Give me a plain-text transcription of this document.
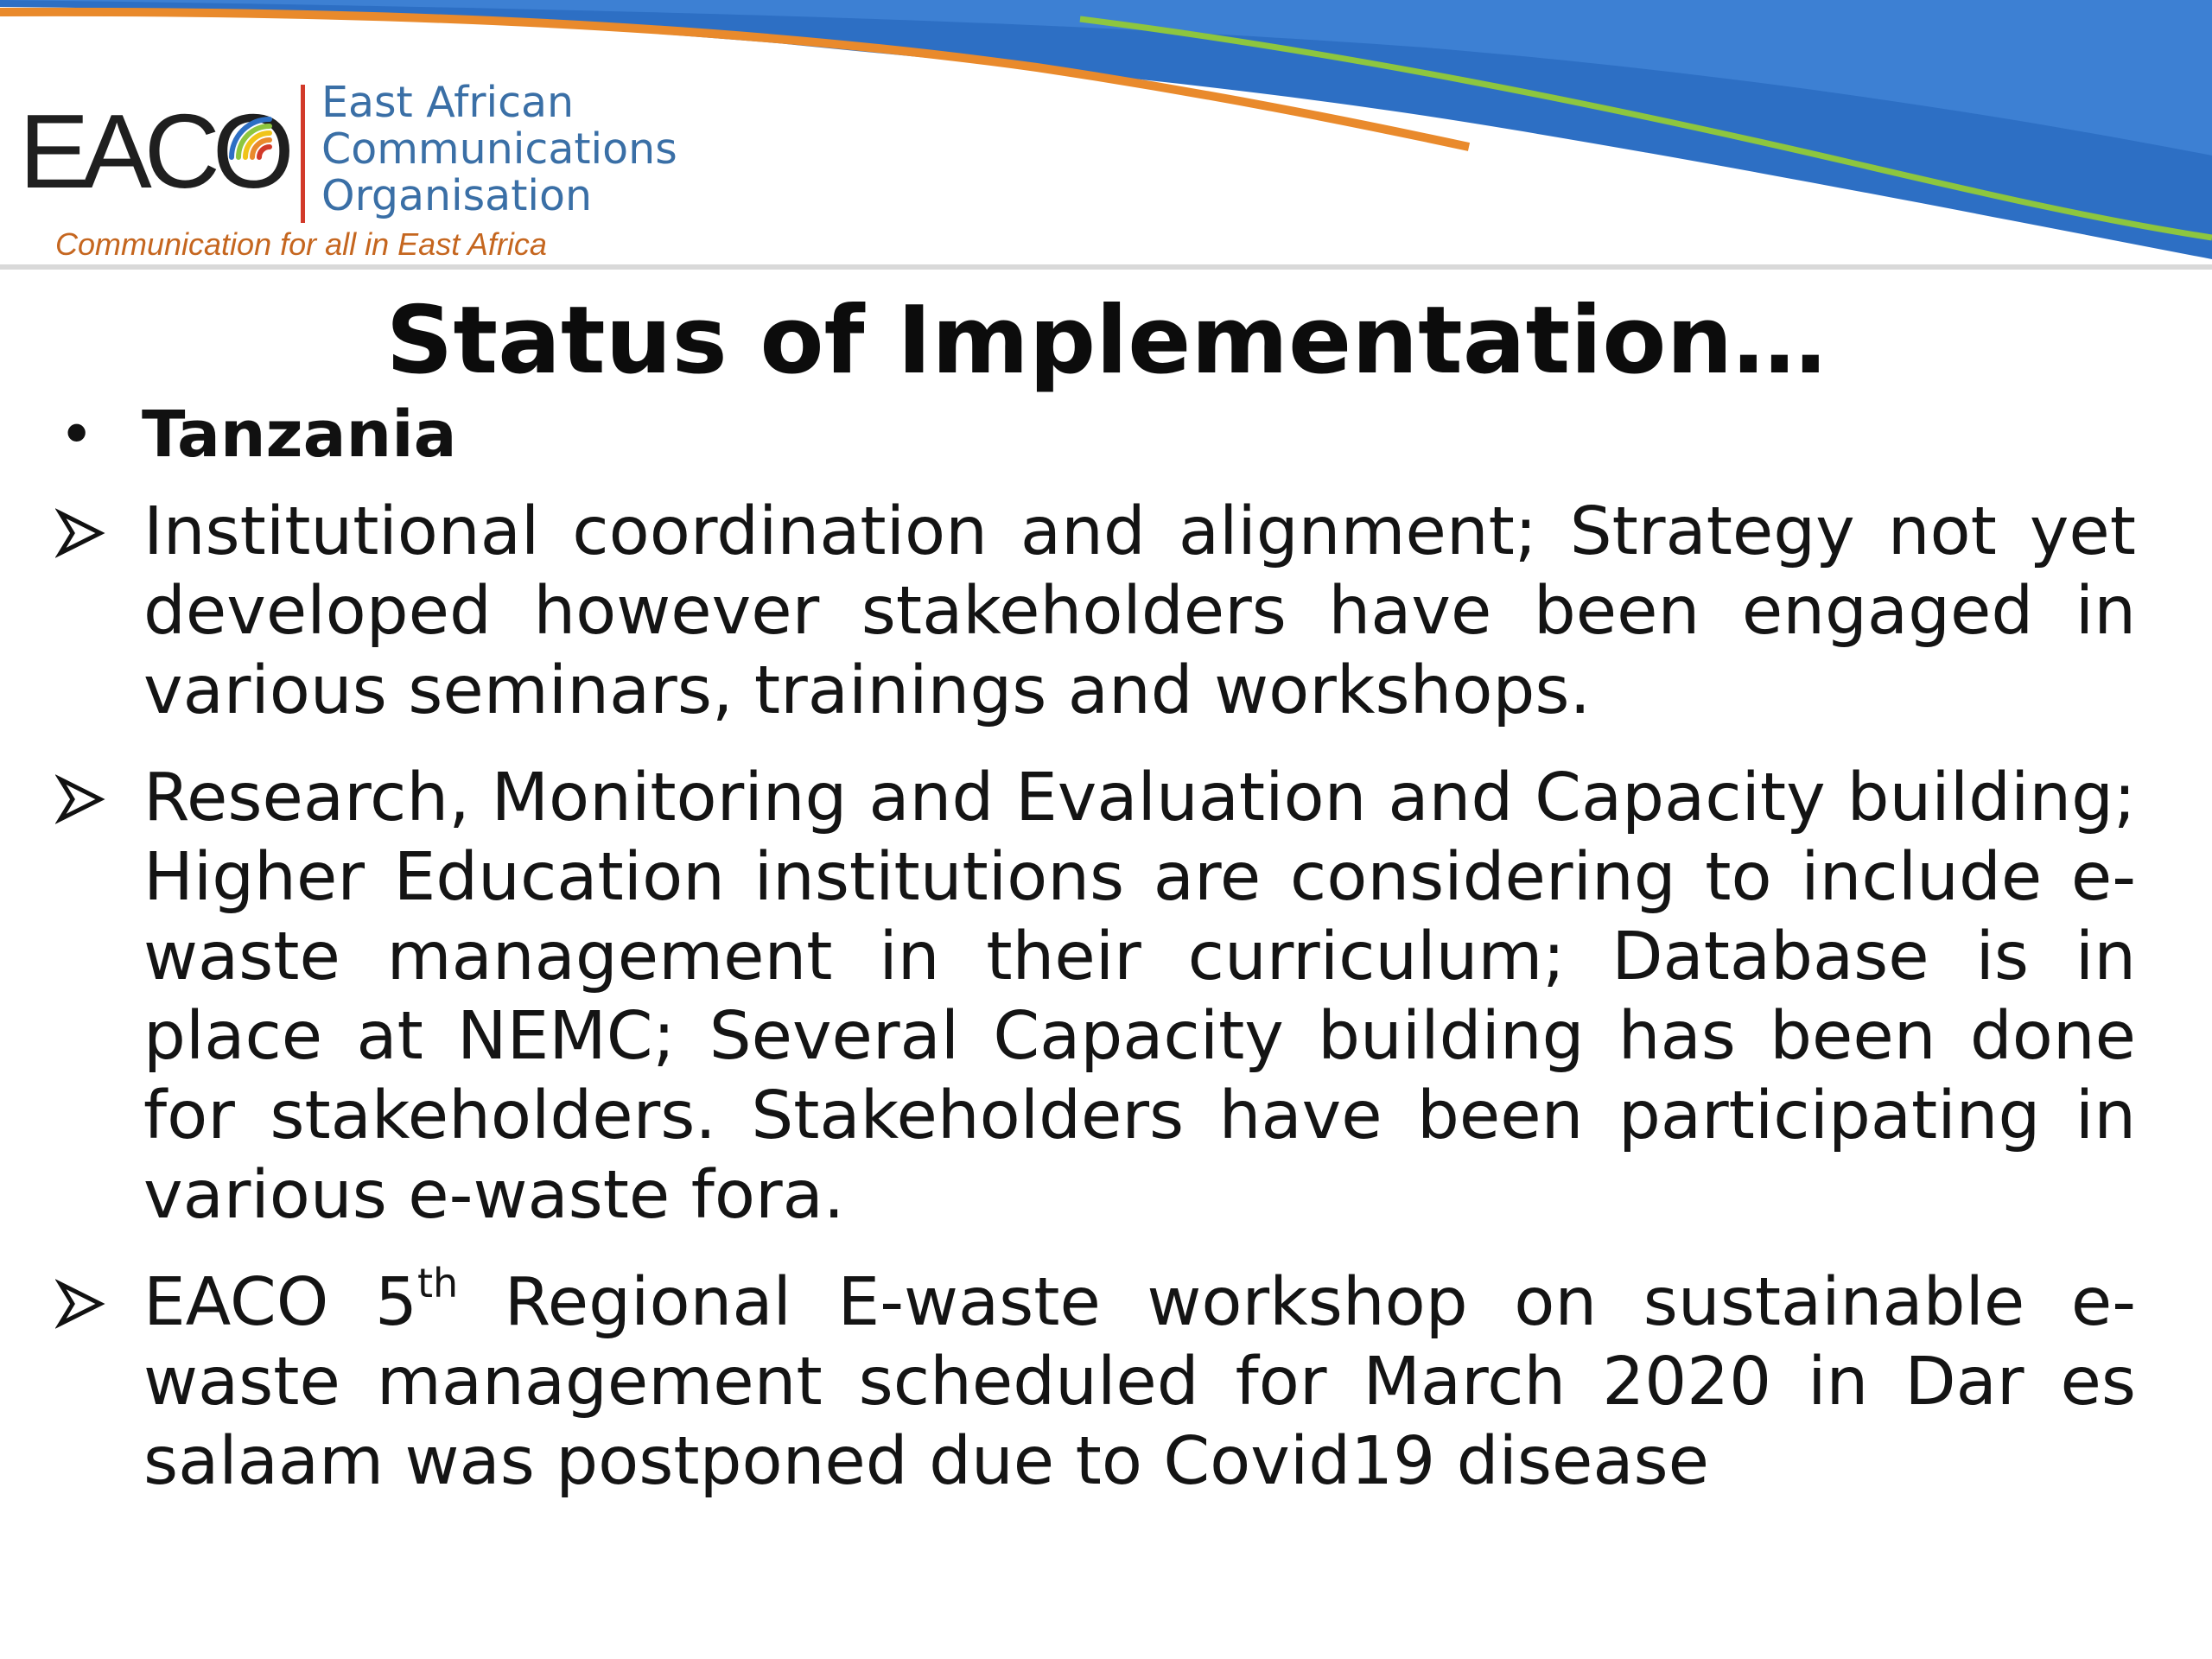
EACO East African
Communications
Organisation
Communication for all in East Africa
Status of Implementation…
• Tanzania
Institutional coordination and alignment; Strategy not yet developed however stakeholders have been engaged in various seminars, trainings and workshops.
Research, Monitoring and Evaluation and Capacity building; Higher Education institutions are considering to include e-waste management in their curriculum; Database is in place at NEMC; Several Capacity building has been done for stakeholders. Stakeholders have been participating in various e-waste fora.
EACO 5th Regional E-waste workshop on sustainable e-waste management scheduled for March 2020 in Dar es salaam was postponed due to Covid19 disease
